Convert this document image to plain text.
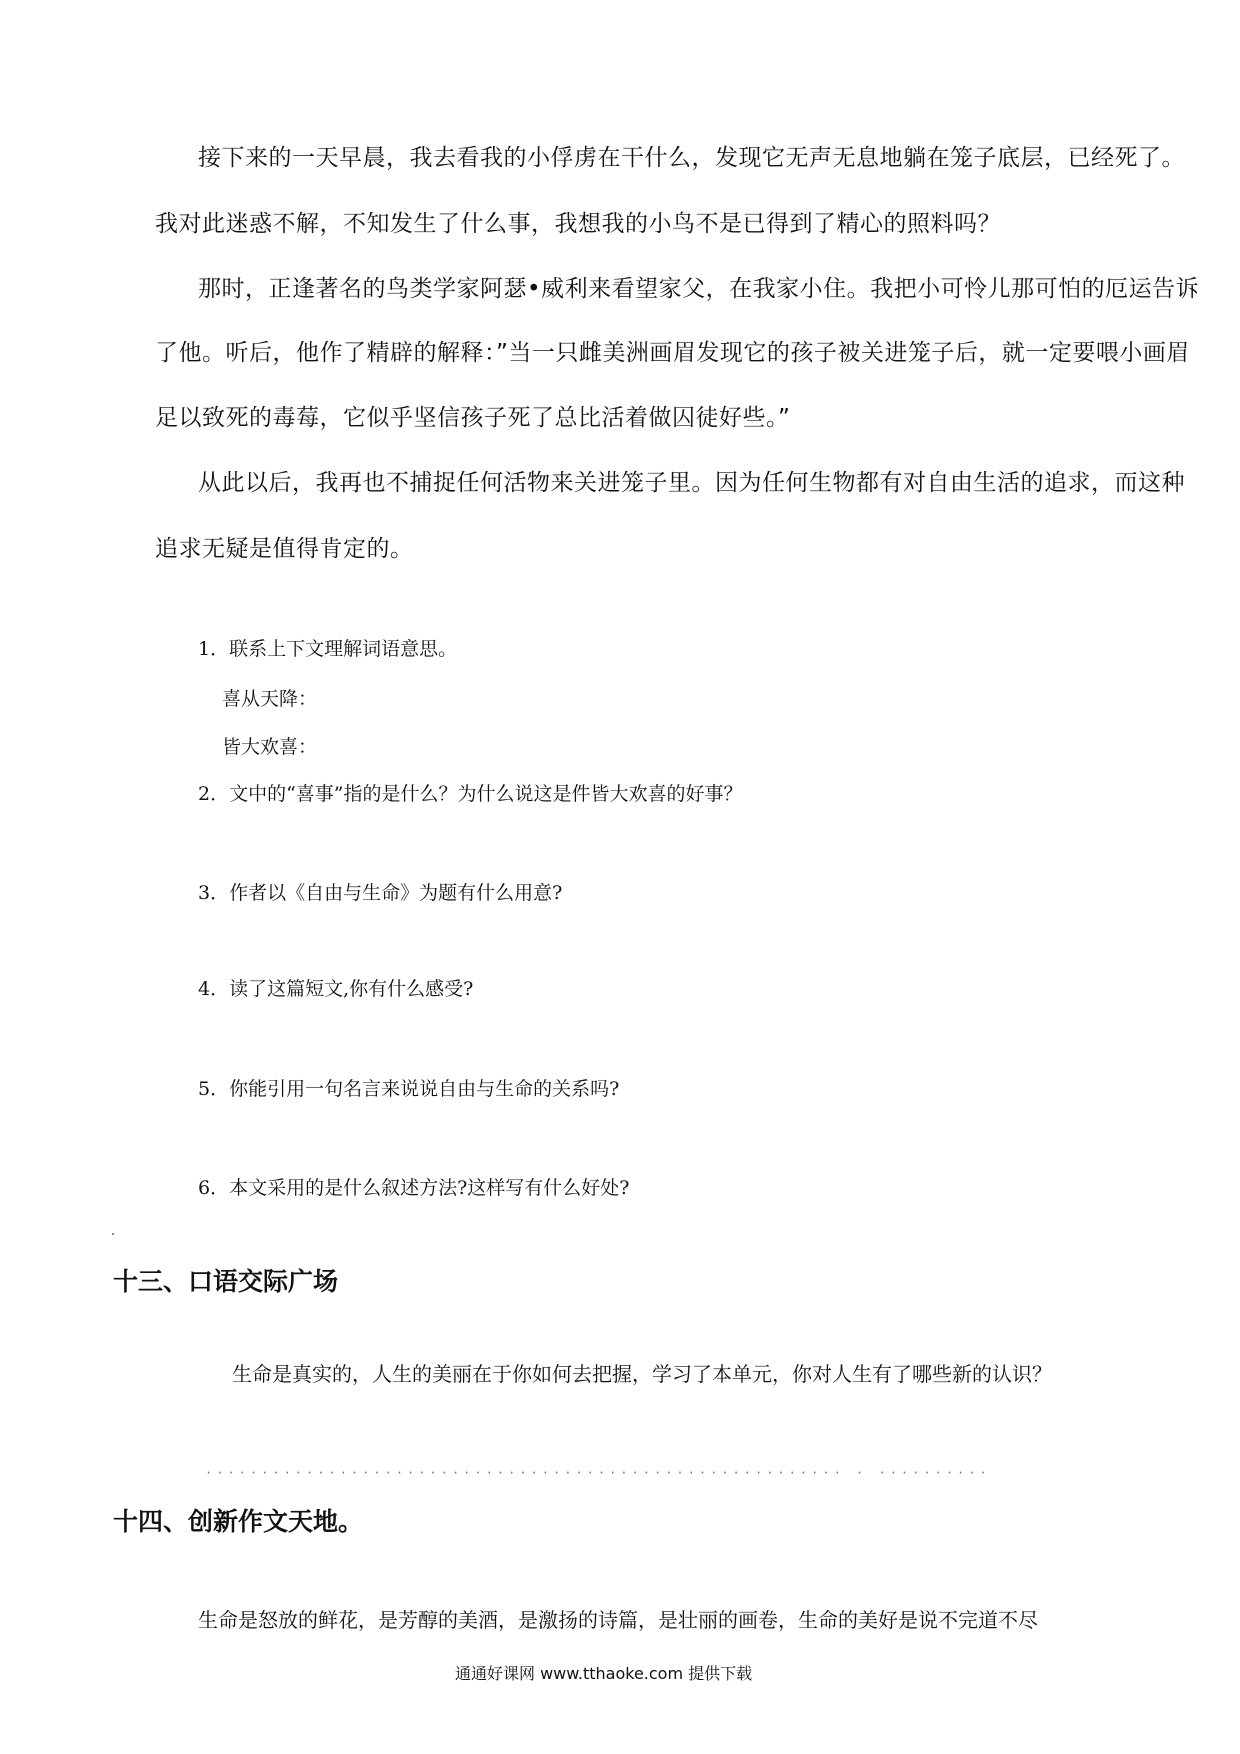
接下来的一天早晨，我去看我的小俘虏在干什么，发现它无声无息地躺在笼子底层，已经死了。
我对此迷惑不解，不知发生了什么事，我想我的小鸟不是已得到了精心的照料吗？
那时，正逢著名的鸟类学家阿瑟•威利来看望家父，在我家小住。我把小可怜儿那可怕的厄运告诉
了他。听后，他作了精辟的解释：”当一只雌美洲画眉发现它的孩子被关进笼子后，就一定要喂小画眉
足以致死的毒莓，它似乎坚信孩子死了总比活着做囚徒好些。”
从此以后，我再也不捕捉任何活物来关进笼子里。因为任何生物都有对自由生活的追求，而这种
追求无疑是值得肯定的。
1．联系上下文理解词语意思。
喜从天降：
皆大欢喜：
2．文中的“喜事”指的是什么？为什么说这是件皆大欢喜的好事？
3．作者以《自由与生命》为题有什么用意?
4．读了这篇短文,你有什么感受?
5．你能引用一句名言来说说自由与生命的关系吗?
6．本文采用的是什么叙述方法?这样写有什么好处?
十三、口语交际广场
生命是真实的，人生的美丽在于你如何去把握，学习了本单元，你对人生有了哪些新的认识？
························································· · ··········
十四、创新作文天地。
生命是怒放的鲜花，是芳醇的美酒，是激扬的诗篇，是壮丽的画卷，生命的美好是说不完道不尽
通通好课网 www.tthaoke.com 提供下载
